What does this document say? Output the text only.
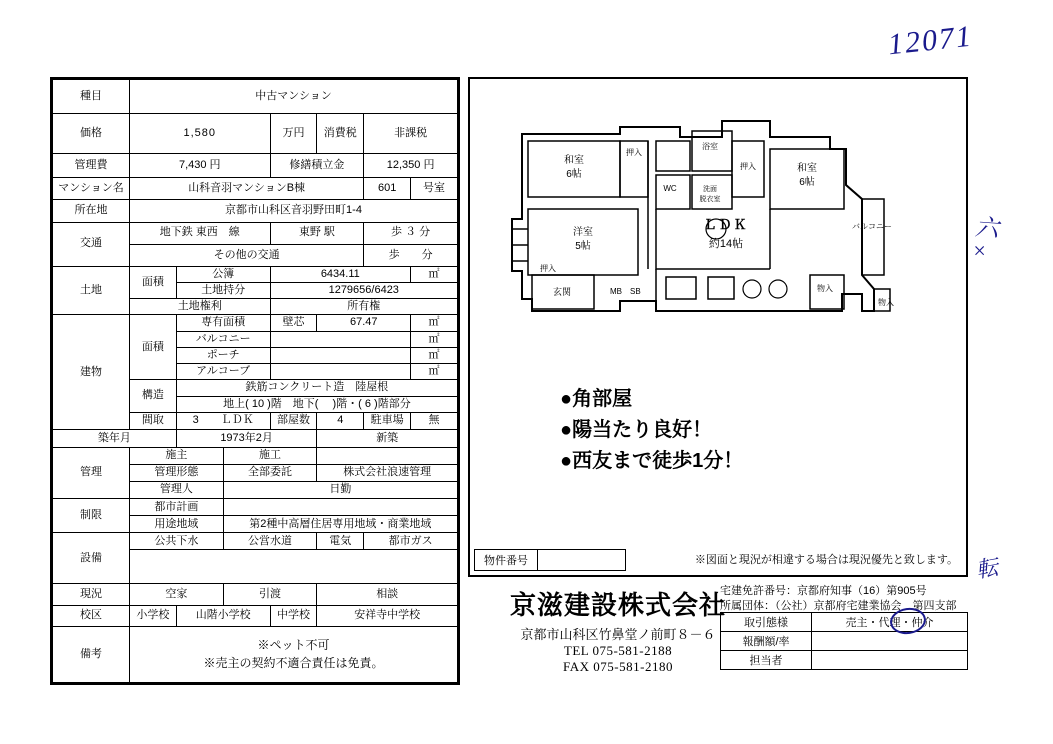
12071
六
×
転
種目	中古マンション						
価格	1,580			万円	消費税	非課税	
管理費	7,430 円			修繕積立金		12,350 円	
マンション名	山科音羽マンションB棟					601	号室
所在地	京都市山科区音羽野田町1-4						
交通	地下鉄 東西　線			東野 駅		歩 ３ 分	
	その他の交通					歩　　分	
土地	面積	公簿		6434.11			㎡
		土地持分		1279656/6423			
	土地権利			所有権			
建物	面積	専有面積		壁芯	67.47		㎡
		バルコニー					㎡
		ポーチ					㎡
		アルコーブ					㎡
	構造	鉄筋コンクリート造　陸屋根					
		地上( 10 )階　地下(　 )階・( 6 )階部分					
	間取	3　　ＬＤＫ		部屋数	4	駐車場	無
築年月		1973年2月			新築		
管理	施主		施工				
	管理形態		全部委託		株式会社浪速管理		
	管理人		日勤				
制限	都市計画						
	用途地域		第2種中高層住居専用地域・商業地域				
設備	公共下水		公営水道		電気	都市ガス	

現況	空家		引渡		相談		
校区	小学校	山階小学校		中学校	安祥寺中学校		
備考	※ペット不可
※売主の契約不適合責任は免責。						
和室
6帖
和室
6帖
洋室
5帖
玄関
押入
浴室
洗面
脱衣室
WC
押入
物入
押入
ＬＤＫ
約14帖
バルコニー
MB SB
物入
●角部屋
●陽当たり良好！
●西友まで徒歩1分！
※図面と現況が相違する場合は現況優先と致します。
物件番号
京滋建設株式会社
京都市山科区竹鼻堂ノ前町８－６
TEL 075-581-2188
FAX 075-581-2180
宅建免許番号：京都府知事（16）第905号
所属団体：（公社）京都府宅建業協会　第四支部
取引態様	売主・代理・仲介
報酬額/率	
担当者	
